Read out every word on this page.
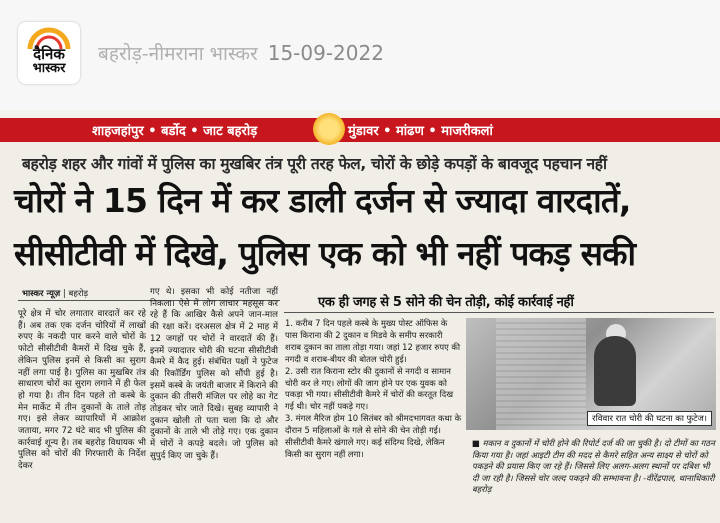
दैनिक
भास्कर
बहरोड़-नीमराना भास्कर 15-09-2022
शाहजहांपुर • बर्डोद • जाट बहरोड़	मुंडावर • मांढण • माजरीकलां
बहरोड़ शहर और गांवों में पुलिस का मुखबिर तंत्र पूरी तरह फेल, चोरों के छोड़े कपड़ों के बावजूद पहचान नहीं
चोरों ने 15 दिन में कर डाली दर्जन से ज्यादा वारदातें,
सीसीटीवी में दिखे, पुलिस एक को भी नहीं पकड़ सकी
भास्कर न्यूज़ | बहरोड़

पूरे क्षेत्र में चोर लगातार वारदातें कर रहे हैं। अब तक एक दर्जन चोरियों में लाखों रुपए के नकदी पार करने वाले चोरों के फोटो सीसीटीवी कैमरों में दिख चुके हैं, लेकिन पुलिस इनमें से किसी का सुराग नहीं लगा पाई है। पुलिस का मुखबिर तंत्र साधारण चोरों का सुराग लगाने में ही फेल हो गया है। तीन दिन पहले तो कस्बे के मेन मार्केट में तीन दुकानों के ताले तोड़ गए। इसे लेकर व्यापारियों में आक्रोश जताया, मगर 72 घंटे बाद भी पुलिस की कार्रवाई शून्य है। तब बहरोड़ विधायक भी पुलिस को चोरों की गिरफ्तारी के निर्देश देकर

गए थे। इसका भी कोई नतीजा नहीं निकला। ऐसे में लोग लाचार महसूस कर रहे हैं कि आखिर कैसे अपने जान-माल की रक्षा करें। दरअसल क्षेत्र में 2 माह में 12 जगहों पर चोरों ने वारदातें की हैं। इनमें ज्यादातर चोरी की घटना सीसीटीवी कैमरे में कैद हुई। संबंधित पक्षों ने फुटेज की रिकॉर्डिंग पुलिस को सौंपी हुई है। इसमें कस्बे के जयंती बाजार में किराने की दुकान की तीसरी मंजिल पर लोहे का गेट तोड़कर चोर जाते दिखे। सुबह व्यापारी ने दुकान खोली तो पता चला कि दो और दुकानों के ताले भी तोड़े गए। एक दुकान में चोरों ने कपड़े बदले। जो पुलिस को सुपुर्द किए जा चुके हैं।

एक ही जगह से 5 सोने की चेन तोड़ी, कोई कार्रवाई नहीं

1. करीब 7 दिन पहले कस्बे के मुख्य पोस्ट ऑफिस के पास किराना की 2 दुकान व मिडवे के समीप सरकारी शराब दुकान का ताला तोड़ा गया। जहां 12 हजार रुपए की नगदी व शराब-बीयर की बोतल चोरी हुई।

2. उसी रात किराना स्टोर की दुकानों से नगदी व सामान चोरी कर ले गए। लोगों की जाग होने पर एक युवक को पकड़ा भी गया। सीसीटीवी कैमरे में चोरों की करतूत दिख गई थी। चोर नहीं पकड़े गए।

3. मंगल मैरिज होम 10 सितंबर को श्रीमदभागवत कथा के दौरान 5 महिलाओं के गले से सोने की चेन तोड़ी गई। सीसीटीवी कैमरे खंगाले गए। कई संदिग्ध दिखे, लेकिन किसी का सुराग नहीं लगा।

रविवार रात चोरी की घटना का फुटेज।

■ मकान व दुकानों में चोरी होने की रिपोर्ट दर्ज की जा चुकी है। दो टीमों का गठन किया गया है। जहां आइटी टीम की मदद से कैमरे सहित अन्य साक्ष्य से चोरों को पकड़ने की प्रयास किए जा रहे हैं। जिससे लिए अलग-अलग स्थानों पर दबिश भी दी जा रही है। जिससे चोर जल्द पकड़ने की सम्भावना है। -वीरेंद्रपाल, थानाधिकारी बहरोड़
